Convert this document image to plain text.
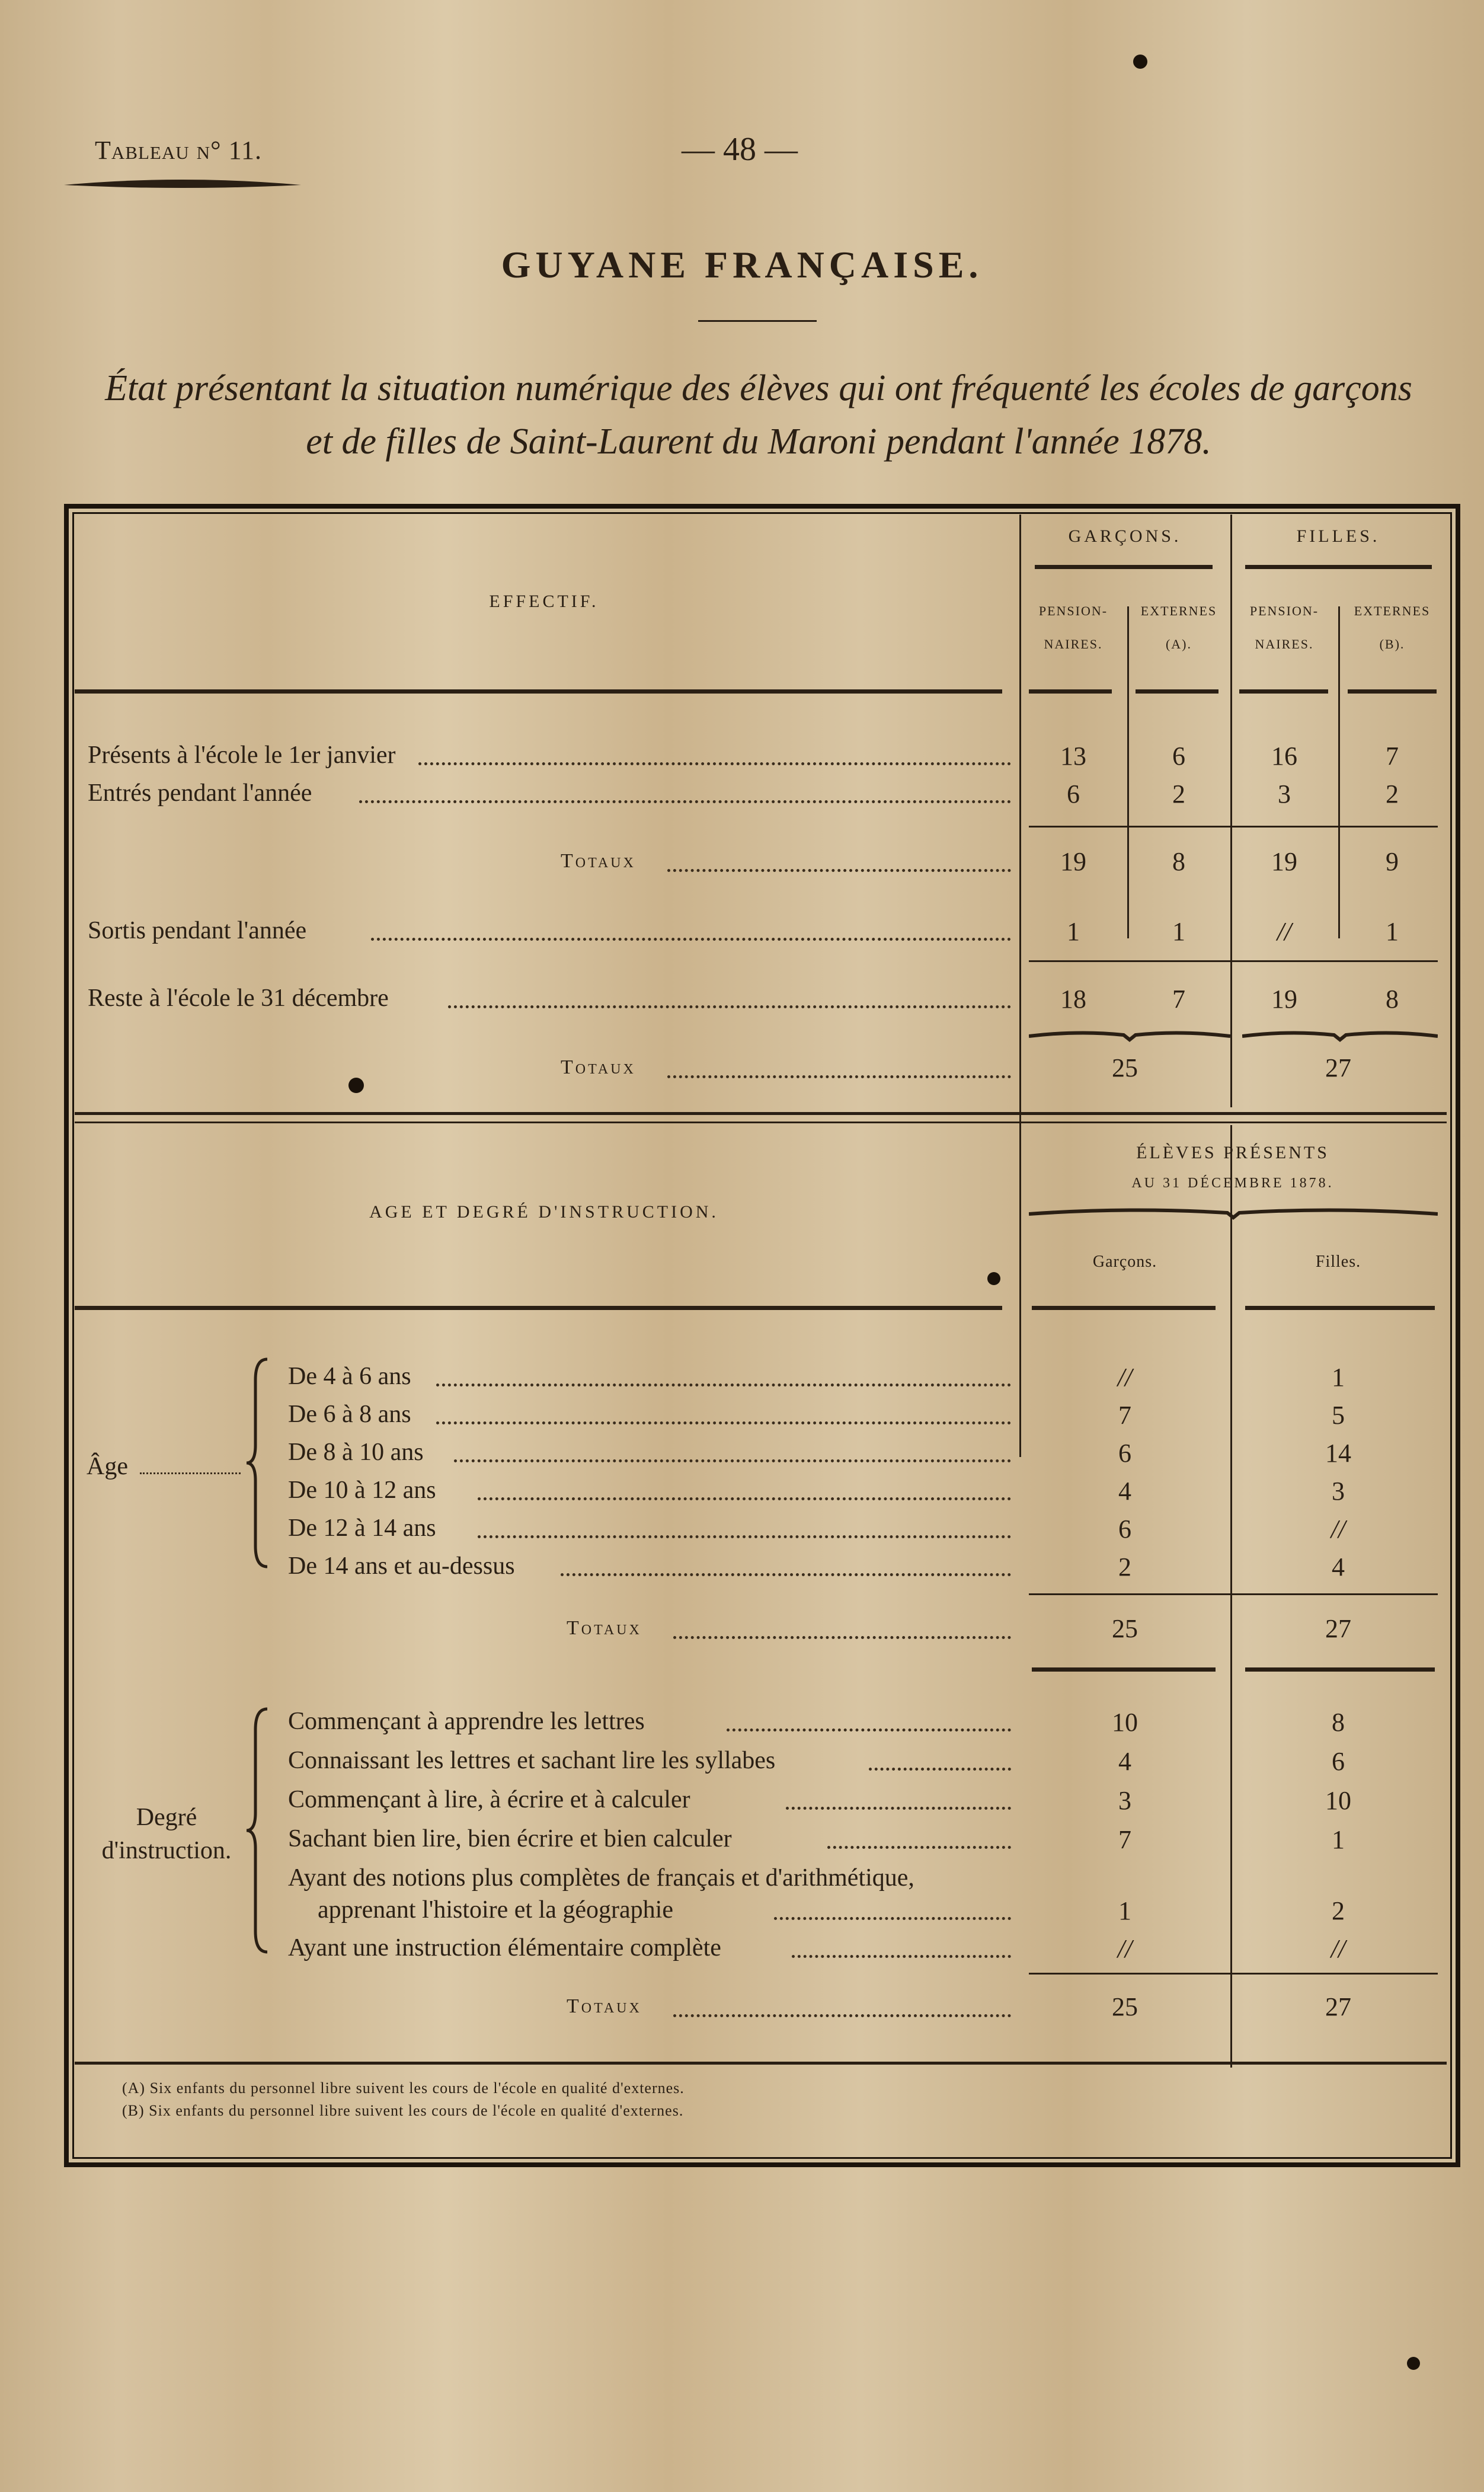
Tableau n° 11.	— 48 —
GUYANE FRANÇAISE.
État présentant la situation numérique des élèves qui ont fréquenté les écoles de garçons
et de filles de Saint-Laurent du Maroni pendant l'année 1878.
EFFECTIF.
GARÇONS.	FILLES.
PENSION-
NAIRES.
EXTERNES
(A).
PENSION-
NAIRES.
EXTERNES
(B).
Présents à l'école le 1er janvier	13	6	16	7
Entrés pendant l'année	6	2	3	2
Totaux	19	8	19	9
Sortis pendant l'année	1	1	//	1
Reste à l'école le 31 décembre	18	7	19	8
Totaux	25	27
AGE ET DEGRÉ D'INSTRUCTION.
ÉLÈVES PRÉSENTS
AU 31 DÉCEMBRE 1878.
Garçons.	Filles.
Âge
De 4 à 6 ans	//	1
De 6 à 8 ans	7	5
De 8 à 10 ans	6	14
De 10 à 12 ans	4	3
De 12 à 14 ans	6	//
De 14 ans et au-dessus	2	4
Totaux	25	27
Degré
d'instruction.
Commençant à apprendre les lettres	10	8
Connaissant les lettres et sachant lire les syllabes	4	6
Commençant à lire, à écrire et à calculer	3	10
Sachant bien lire, bien écrire et bien calculer	7	1
Ayant des notions plus complètes de français et d'arithmétique,
apprenant l'histoire et la géographie	1	2
Ayant une instruction élémentaire complète	//	//
Totaux	25	27
(A) Six enfants du personnel libre suivent les cours de l'école en qualité d'externes.
(B) Six enfants du personnel libre suivent les cours de l'école en qualité d'externes.
